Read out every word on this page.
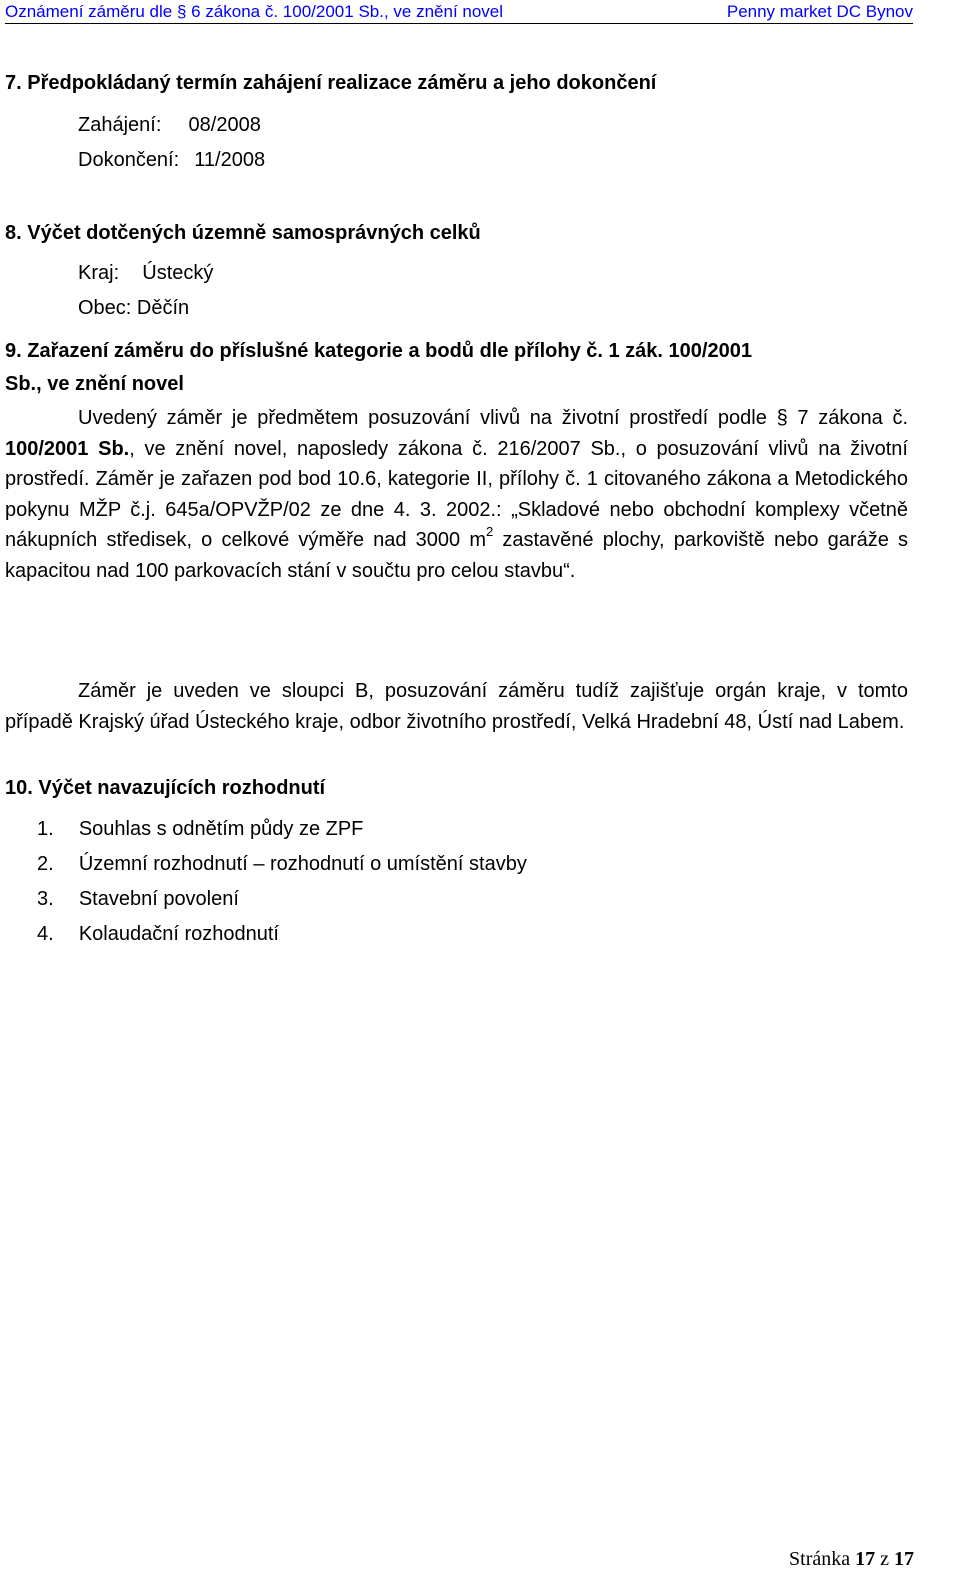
Oznámení záměru dle § 6 zákona č. 100/2001 Sb., ve znění novel	Penny market DC Bynov
7. Předpokládaný termín zahájení realizace záměru a jeho dokončení
Zahájení: 08/2008
Dokončení: 11/2008
8. Výčet dotčených územně samosprávných celků
Kraj: Ústecký
Obec: Děčín
9. Zařazení záměru do příslušné kategorie a bodů dle přílohy č. 1 zák. 100/2001
Sb., ve znění novel
Uvedený záměr je předmětem posuzování vlivů na životní prostředí podle § 7 zákona č. 100/2001 Sb., ve znění novel, naposledy zákona č. 216/2007 Sb., o posuzování vlivů na životní prostředí. Záměr je zařazen pod bod 10.6, kategorie II, přílohy č. 1 citovaného zákona a Metodického pokynu MŽP č.j. 645a/OPVŽP/02 ze dne 4. 3. 2002.: „Skladové nebo obchodní komplexy včetně nákupních středisek, o celkové výměře nad 3000 $m^2$ zastavěné plochy, parkoviště nebo garáže s kapacitou nad 100 parkovacích stání v součtu pro celou stavbu“.
Záměr je uveden ve sloupci B, posuzování záměru tudíž zajišťuje orgán kraje, v tomto případě Krajský úřad Ústeckého kraje, odbor životního prostředí, Velká Hradební 48, Ústí nad Labem.
10. Výčet navazujících rozhodnutí
1. Souhlas s odnětím půdy ze ZPF
2. Územní rozhodnutí – rozhodnutí o umístění stavby
3. Stavební povolení
4. Kolaudační rozhodnutí
Stránka 17 z 17
